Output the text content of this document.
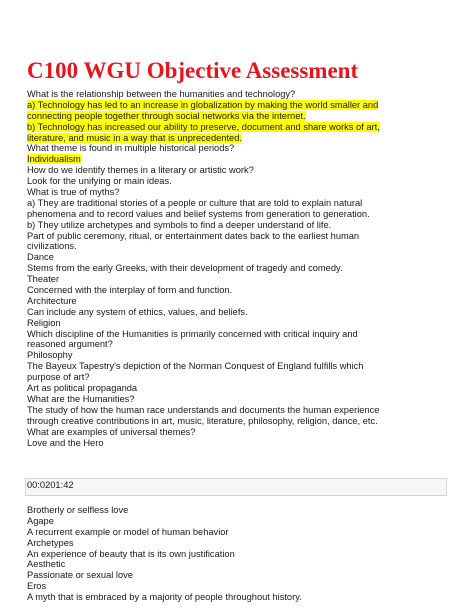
C100 WGU Objective Assessment
What is the relationship between the humanities and technology?
a) Technology has led to an increase in globalization by making the world smaller and
connecting people together through social networks via the internet.
b) Technology has increased our ability to preserve, document and share works of art,
literature, and music in a way that is unprecedented.
What theme is found in multiple historical periods?
Individualism
How do we identify themes in a literary or artistic work?
Look for the unifying or main ideas.
What is true of myths?
a) They are traditional stories of a people or culture that are told to explain natural
phenomena and to record values and belief systems from generation to generation.
b) They utilize archetypes and symbols to find a deeper understand of life.
Part of public ceremony, ritual, or entertainment dates back to the earliest human
civilizations.
Dance
Stems from the early Greeks, with their development of tragedy and comedy.
Theater
Concerned with the interplay of form and function.
Architecture
Can include any system of ethics, values, and beliefs.
Religion
Which discipline of the Humanities is primarily concerned with critical inquiry and
reasoned argument?
Philosophy
The Bayeux Tapestry's depiction of the Norman Conquest of England fulfills which
purpose of art?
Art as political propaganda
What are the Humanities?
The study of how the human race understands and documents the human experience
through creative contributions in art, music, literature, philosophy, religion, dance, etc.
What are examples of universal themes?
Love and the Hero
00:0201:42
Brotherly or selfless love
Agape
A recurrent example or model of human behavior
Archetypes
An experience of beauty that is its own justification
Aesthetic
Passionate or sexual love
Eros
A myth that is embraced by a majority of people throughout history.
